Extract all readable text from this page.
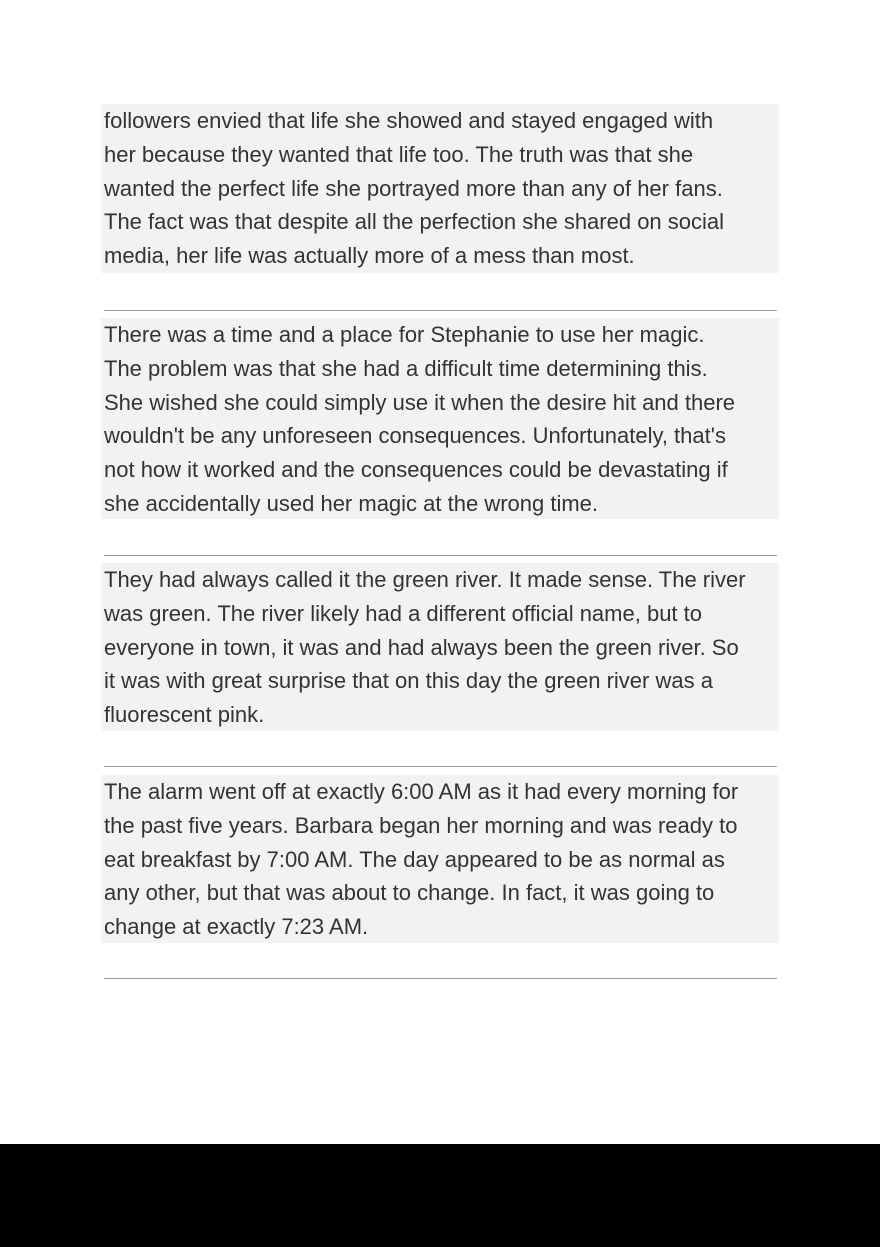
followers envied that life she showed and stayed engaged with
her because they wanted that life too. The truth was that she
wanted the perfect life she portrayed more than any of her fans.
The fact was that despite all the perfection she shared on social
media, her life was actually more of a mess than most.
There was a time and a place for Stephanie to use her magic.
The problem was that she had a difficult time determining this.
She wished she could simply use it when the desire hit and there
wouldn't be any unforeseen consequences. Unfortunately, that's
not how it worked and the consequences could be devastating if
she accidentally used her magic at the wrong time.
They had always called it the green river. It made sense. The river
was green. The river likely had a different official name, but to
everyone in town, it was and had always been the green river. So
it was with great surprise that on this day the green river was a
fluorescent pink.
The alarm went off at exactly 6:00 AM as it had every morning for
the past five years. Barbara began her morning and was ready to
eat breakfast by 7:00 AM. The day appeared to be as normal as
any other, but that was about to change. In fact, it was going to
change at exactly 7:23 AM.
